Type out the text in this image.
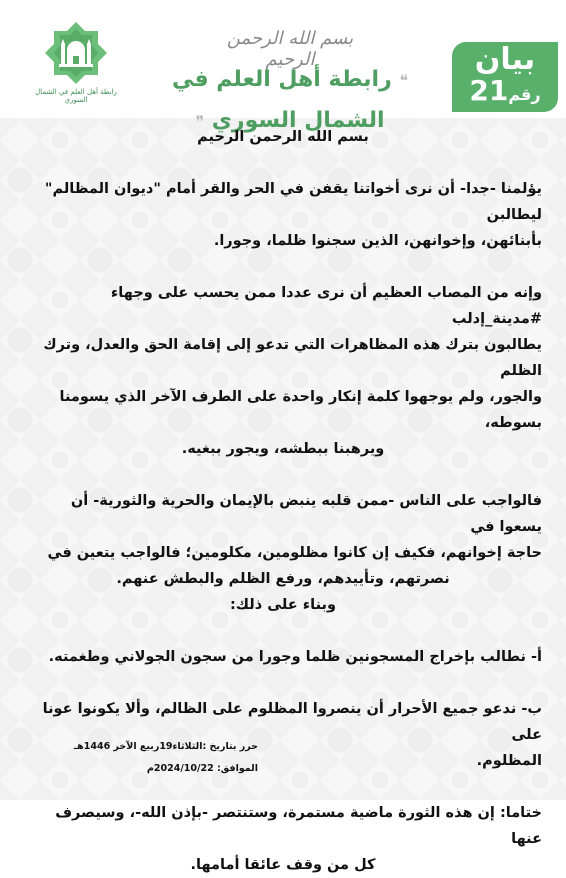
رابطة أهل العلم في الشمال السوري
بسم الله الرحمن الرحيم
❝ رابطة أهل العلم في الشمال السوري ❞
بيان
رقم21

بسم الله الرحمن الرحيم

يؤلمنا -جدا- أن نرى أخواتنا يقفن في الحر والقر أمام "ديوان المظالم" ليطالبن

بأبنائهن، وإخوانهن، الذين سجنوا ظلما، وجورا.

وإنه من المصاب العظيم أن نرى عددا ممن يحسب على وجهاء #مدينة_إدلب

يطالبون بترك هذه المظاهرات التي تدعو إلى إقامة الحق والعدل، وترك الظلم

والجور، ولم يوجهوا كلمة إنكار واحدة على الطرف الآخر الذي يسومنا بسوطه،

ويرهبنا ببطشه، ويجور ببغيه.

فالواجب على الناس -ممن قلبه ينبض بالإيمان والحرية والثورية- أن يسعوا في

حاجة إخوانهم، فكيف إن كانوا مظلومين، مكلومين؛ فالواجب يتعين في

نصرتهم، وتأييدهم، ورفع الظلم والبطش عنهم.

وبناء على ذلك:

أ- نطالب بإخراج المسجونين ظلما وجورا من سجون الجولاني وطغمته.

ب- ندعو جميع الأحرار أن ينصروا المظلوم على الظالم، وألا يكونوا عونا على

المظلوم.

ختاما: إن هذه الثورة ماضية مستمرة، وستنتصر -بإذن الله-، وسيصرف عنها

كل من وقف عائقا أمامها.

حرر بتاريخ :الثلاثاء19ربيع الآخر 1446هـ
الموافق: 2024/10/22م
